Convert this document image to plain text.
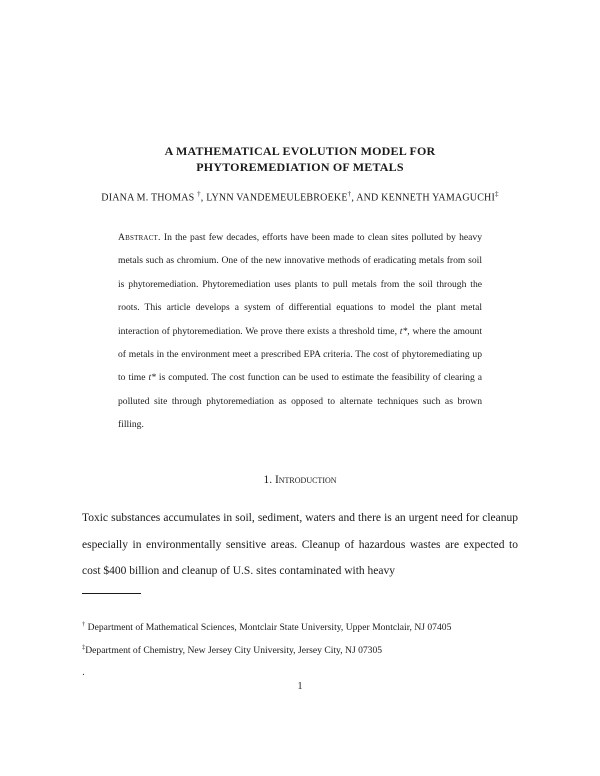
A MATHEMATICAL EVOLUTION MODEL FOR
PHYTOREMEDIATION OF METALS
DIANA M. THOMAS †, LYNN VANDEMEULEBROEKE†, AND KENNETH YAMAGUCHI‡
Abstract. In the past few decades, efforts have been made to clean sites polluted by heavy metals such as chromium. One of the new innovative methods of eradicating metals from soil is phytoremediation. Phytoremediation uses plants to pull metals from the soil through the roots. This article develops a system of differential equations to model the plant metal interaction of phytoremediation. We prove there exists a threshold time, t*, where the amount of metals in the environment meet a prescribed EPA criteria. The cost of phytoremediating up to time t* is computed. The cost function can be used to estimate the feasibility of clearing a polluted site through phytoremediation as opposed to alternate techniques such as brown filling.
1. Introduction
Toxic substances accumulates in soil, sediment, waters and there is an urgent need for cleanup especially in environmentally sensitive areas. Cleanup of hazardous wastes are expected to cost $400 billion and cleanup of U.S. sites contaminated with heavy
† Department of Mathematical Sciences, Montclair State University, Upper Montclair, NJ 07405
‡Department of Chemistry, New Jersey City University, Jersey City, NJ 07305
.
1
